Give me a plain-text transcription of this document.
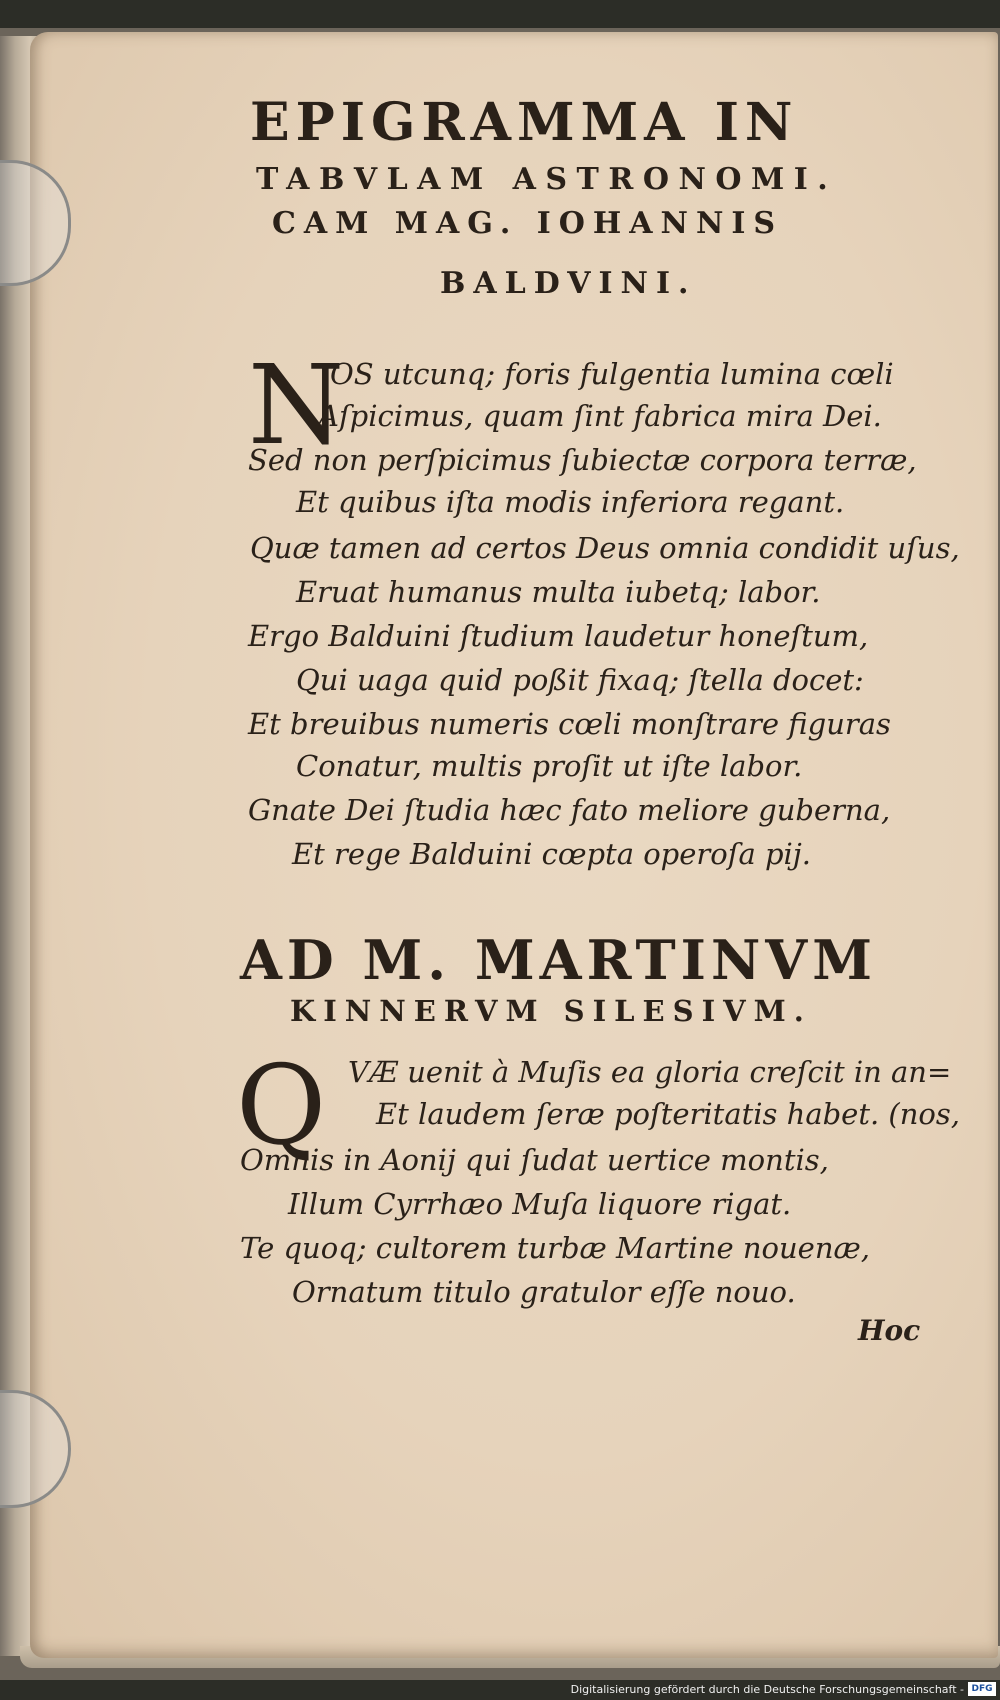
EPIGRAMMA IN
TABVLAM ASTRONOMI.
CAM MAG. IOHANNIS
BALDVINI.
N
OS utcunq; foris fulgentia lumina cœli
Aſpicimus, quam ſint fabrica mira Dei.
Sed non perſpicimus ſubiectæ corpora terræ,
Et quibus iſta modis inferiora regant.
Quæ tamen ad certos Deus omnia condidit uſus,
Eruat humanus multa iubetq; labor.
Ergo Balduini ſtudium laudetur honeſtum,
Qui uaga quid poßit fixaq; ſtella docet:
Et breuibus numeris cœli monſtrare figuras
Conatur, multis proſit ut iſte labor.
Gnate Dei ſtudia hæc fato meliore guberna,
Et rege Balduini cœpta operoſa pij.
AD M. MARTINVM
KINNERVM SILESIVM.
Q VÆ uenit à Muſis ea gloria creſcit in an=
Et laudem ſeræ poſteritatis habet. (nos,
Omnis in Aonij qui ſudat uertice montis,
Illum Cyrrhæo Muſa liquore rigat.
Te quoq; cultorem turbæ Martine nouenæ,
Ornatum titulo gratulor eſſe nouo.
Hoc
Digitalisierung gefördert durch die Deutsche Forschungsgemeinschaft - DFG
